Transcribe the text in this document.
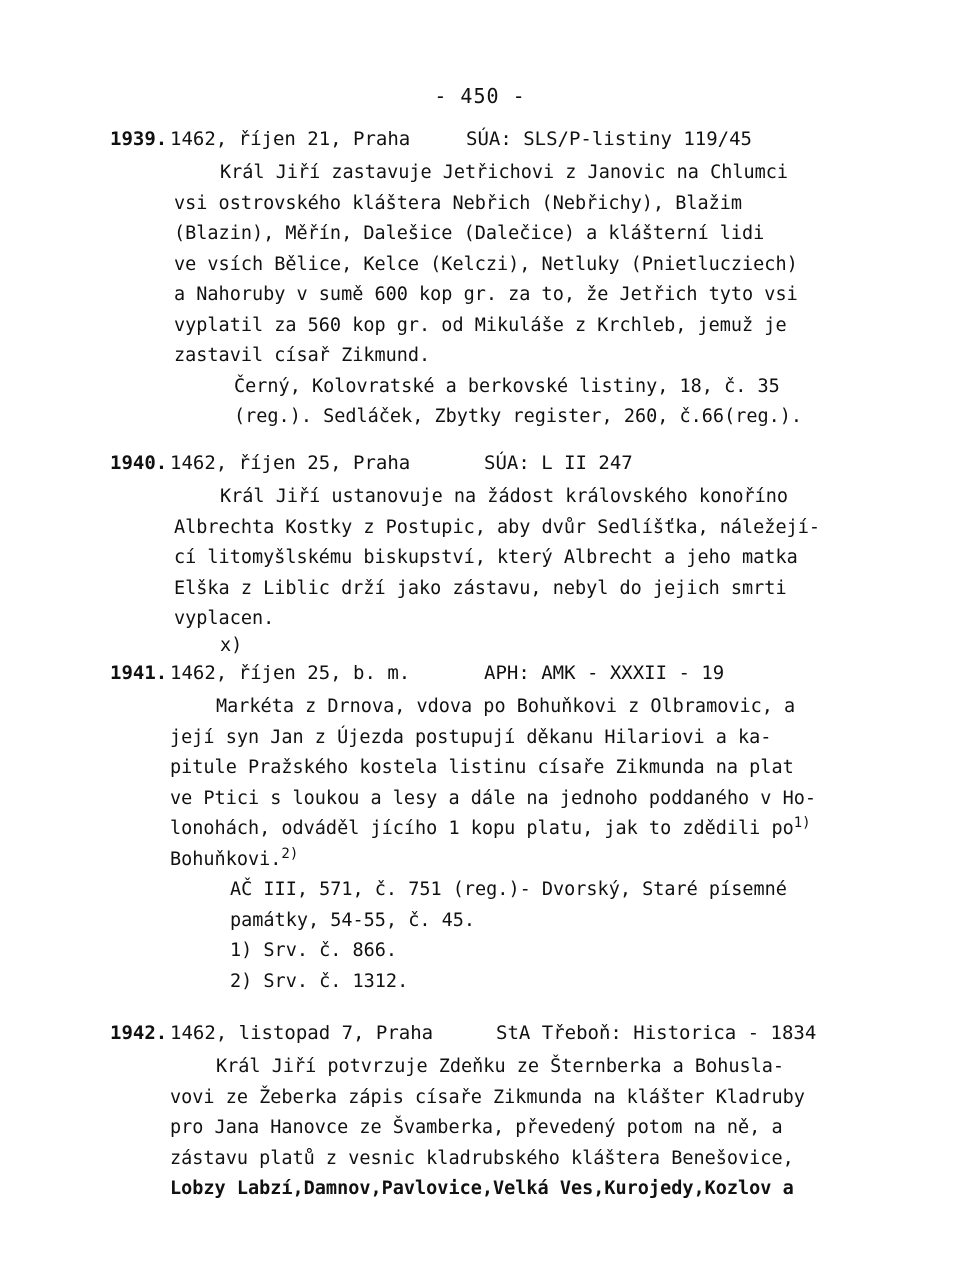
- 450 -
1939. 1462, říjen 21, Praha	SÚA: SLS/P-listiny 119/45
Král Jiří zastavuje Jetřichovi z Janovic na Chlumci
vsi ostrovského kláštera Nebřich (Nebřichy), Blažim
(Blazin), Měřín, Dalešice (Dalečice) a klášterní lidi
ve vsích Bělice, Kelce (Kelczi), Netluky (Pnietlucziech)
a Nahoruby v sumě 600 kop gr. za to, že Jetřich tyto vsi
vyplatil za 560 kop gr. od Mikuláše z Krchleb, jemuž je
zastavil císař Zikmund.
Černý, Kolovratské a berkovské listiny, 18, č. 35
(reg.). Sedláček, Zbytky register, 260, č.66(reg.).
1940. 1462, říjen 25, Praha	SÚA: L II 247
Král Jiří ustanovuje na žádost královského konoříno
Albrechta Kostky z Postupic, aby dvůr Sedlíšťka, náležejí-
cí litomyšlskému biskupství, který Albrecht a jeho matka
Elška z Liblic drží jako zástavu, nebyl do jejich smrti
vyplacen.
x)
1941. 1462, říjen 25, b. m.	APH: AMK - XXXII - 19
Markéta z Drnova, vdova po Bohuňkovi z Olbramovic, a
její syn Jan z Újezda postupují děkanu Hilariovi a ka-
pitule Pražského kostela listinu císaře Zikmunda na plat
ve Ptici s loukou a lesy a dále na jednoho poddaného v Ho-
lonohách, odváděl jícího 1 kopu platu, jak to zdědili po$^{1)}$
Bohuňkovi.$^{2)}$
AČ III, 571, č. 751 (reg.)- Dvorský, Staré písemné
památky, 54-55, č. 45.
1) Srv. č. 866.
2) Srv. č. 1312.
1942. 1462, listopad 7, Praha	StA Třeboň: Historica - 1834
Král Jiří potvrzuje Zdeňku ze Šternberka a Bohusla-
vovi ze Žeberka zápis císaře Zikmunda na klášter Kladruby
pro Jana Hanovce ze Švamberka, převedený potom na ně, a
zástavu platů z vesnic kladrubského kláštera Benešovice,
Lobzy Labzí,Damnov,Pavlovice,Velká Ves,Kurojedy,Kozlov a
